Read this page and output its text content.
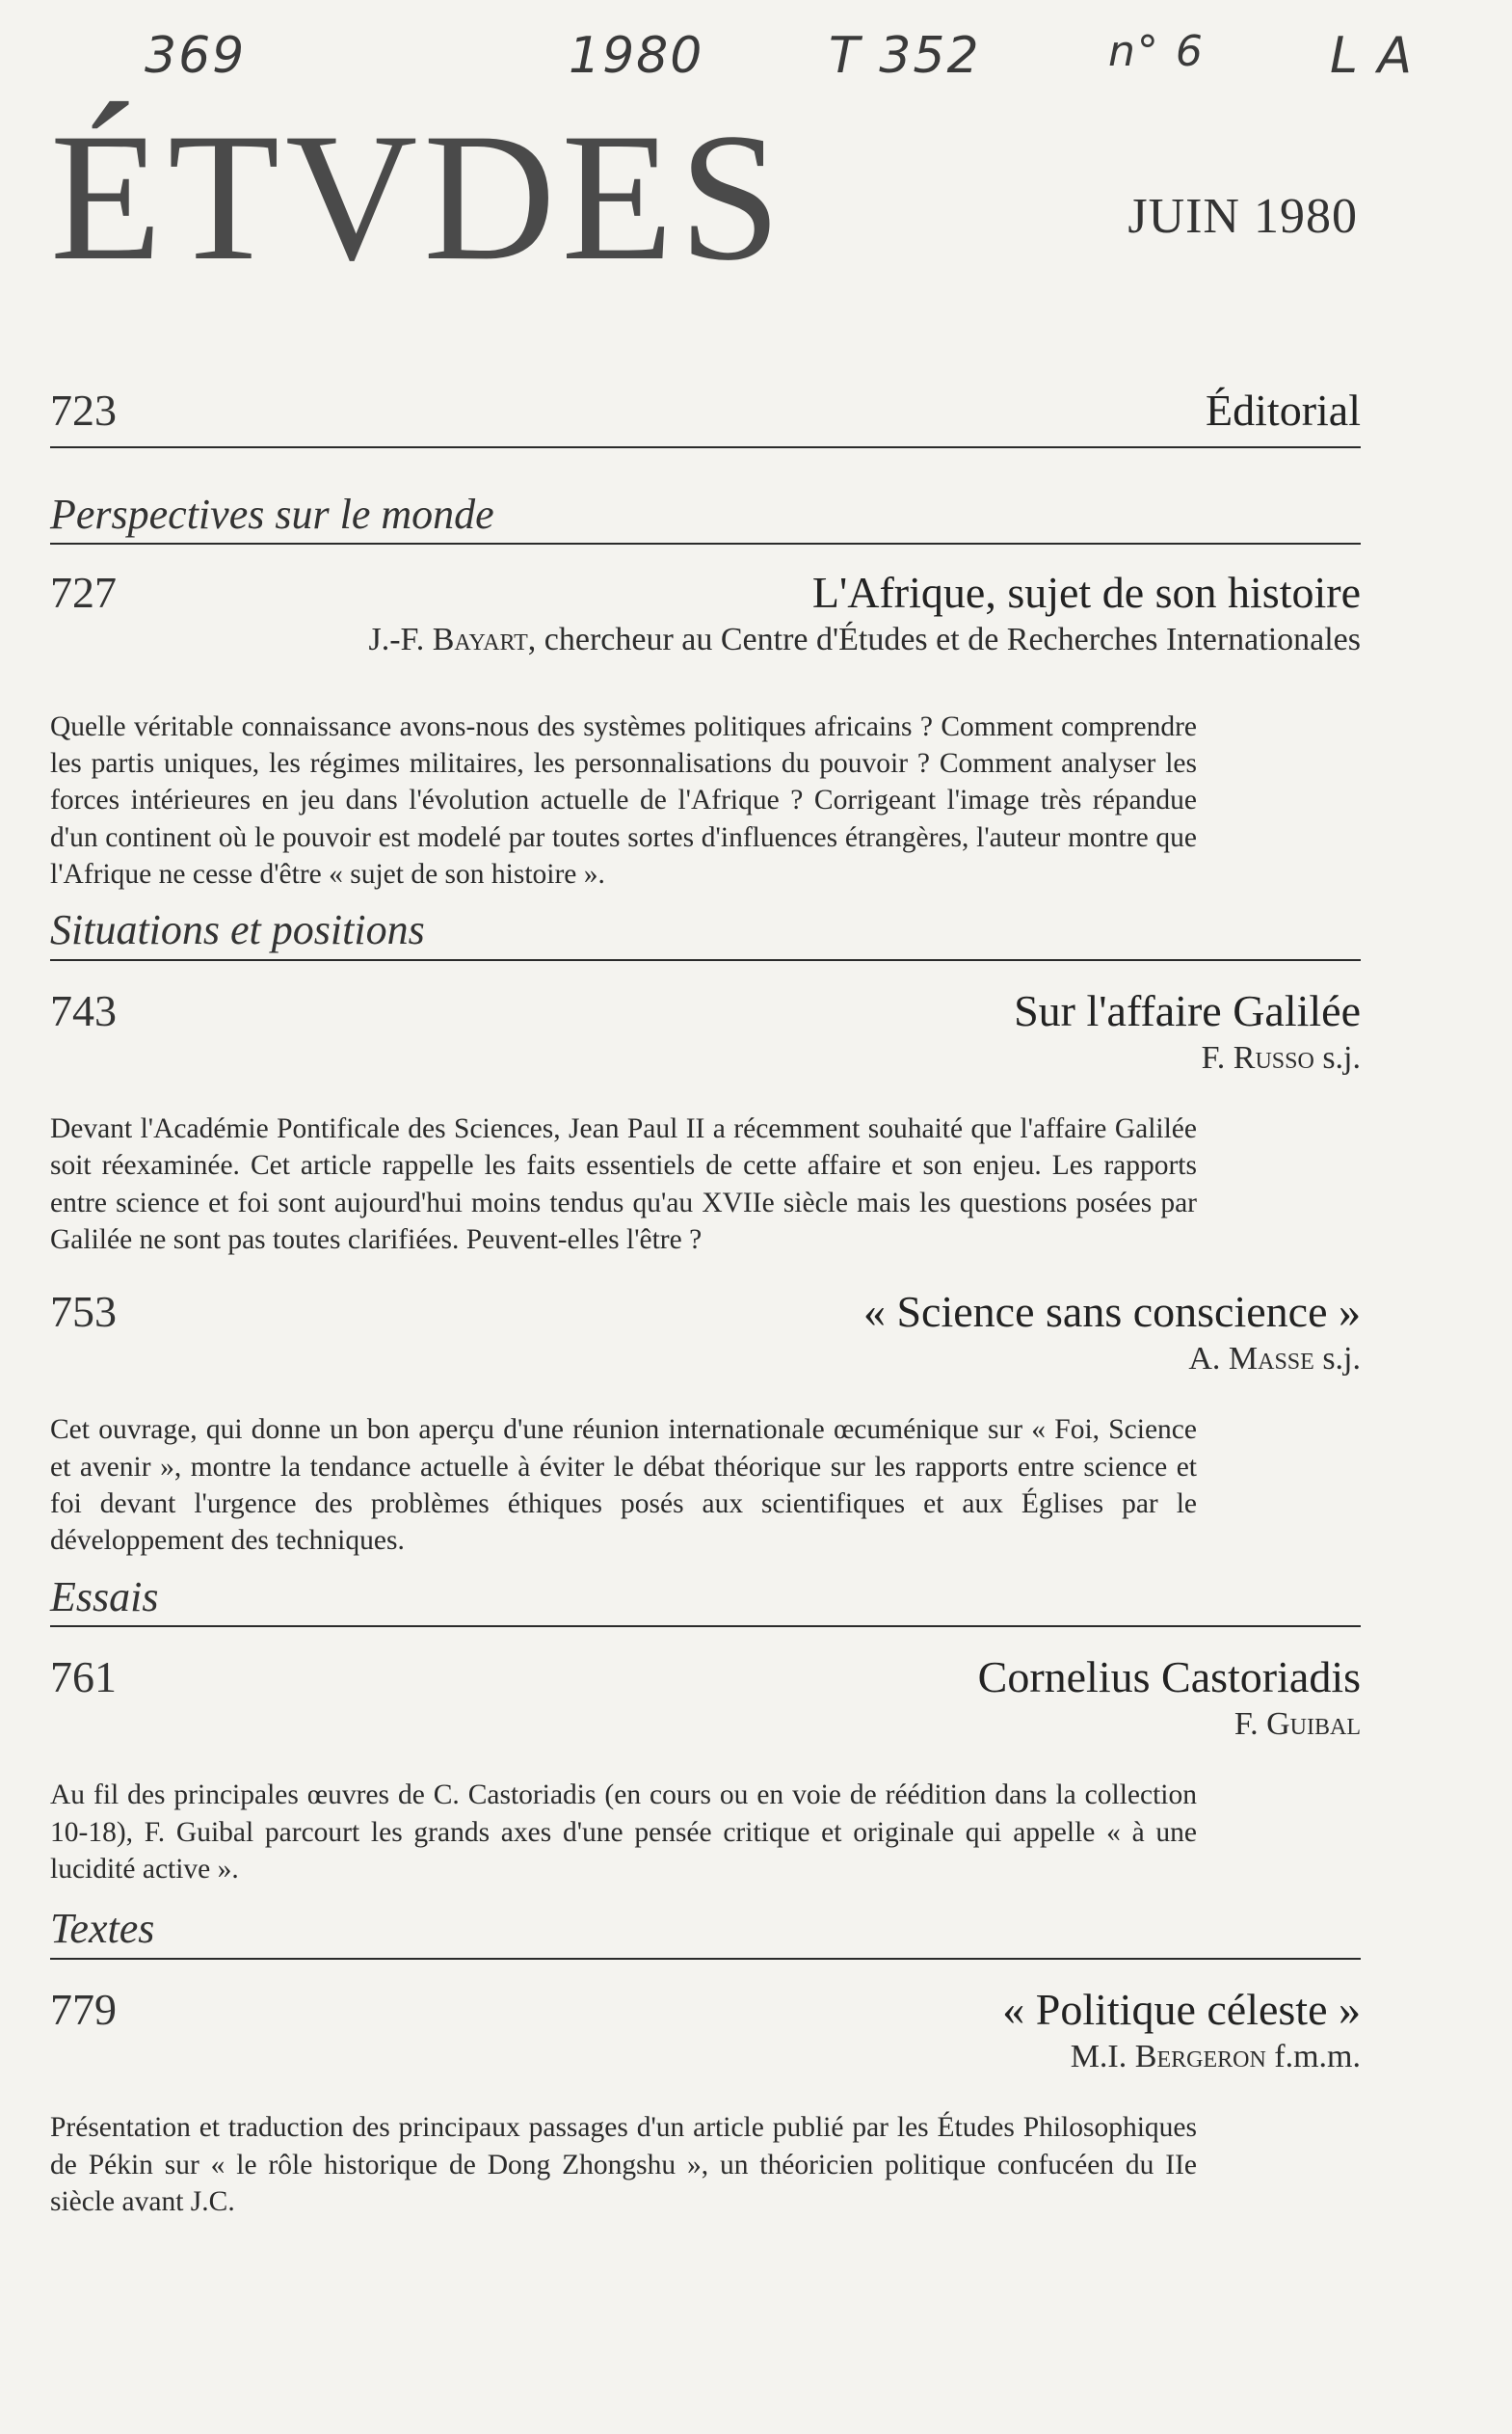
369	1980 T 352	n° 6	L A
ÉTVDES	JUIN 1980
723	Éditorial
Perspectives sur le monde
727	L'Afrique, sujet de son histoire
J.-F. Bayart, chercheur au Centre d'Études et de Recherches Internationales
Quelle véritable connaissance avons-nous des systèmes politiques africains ? Comment comprendre les partis uniques, les régimes militaires, les personnalisations du pouvoir ? Comment analyser les forces intérieures en jeu dans l'évolution actuelle de l'Afrique ? Corrigeant l'image très répandue d'un continent où le pouvoir est modelé par toutes sortes d'influences étrangères, l'auteur montre que l'Afrique ne cesse d'être « sujet de son histoire ».
Situations et positions
743	Sur l'affaire Galilée
F. Russo s.j.
Devant l'Académie Pontificale des Sciences, Jean Paul II a récemment souhaité que l'affaire Galilée soit réexaminée. Cet article rappelle les faits essentiels de cette affaire et son enjeu. Les rapports entre science et foi sont aujourd'hui moins tendus qu'au XVIIe siècle mais les questions posées par Galilée ne sont pas toutes clarifiées. Peuvent-elles l'être ?
753	« Science sans conscience »
A. Masse s.j.
Cet ouvrage, qui donne un bon aperçu d'une réunion internationale œcuménique sur « Foi, Science et avenir », montre la tendance actuelle à éviter le débat théorique sur les rapports entre science et foi devant l'urgence des problèmes éthiques posés aux scientifiques et aux Églises par le développement des techniques.
Essais
761	Cornelius Castoriadis
F. Guibal
Au fil des principales œuvres de C. Castoriadis (en cours ou en voie de réédition dans la collection 10-18), F. Guibal parcourt les grands axes d'une pensée critique et originale qui appelle « à une lucidité active ».
Textes
779	« Politique céleste »
M.I. Bergeron f.m.m.
Présentation et traduction des principaux passages d'un article publié par les Études Philosophiques de Pékin sur « le rôle historique de Dong Zhongshu », un théoricien politique confucéen du IIe siècle avant J.C.
